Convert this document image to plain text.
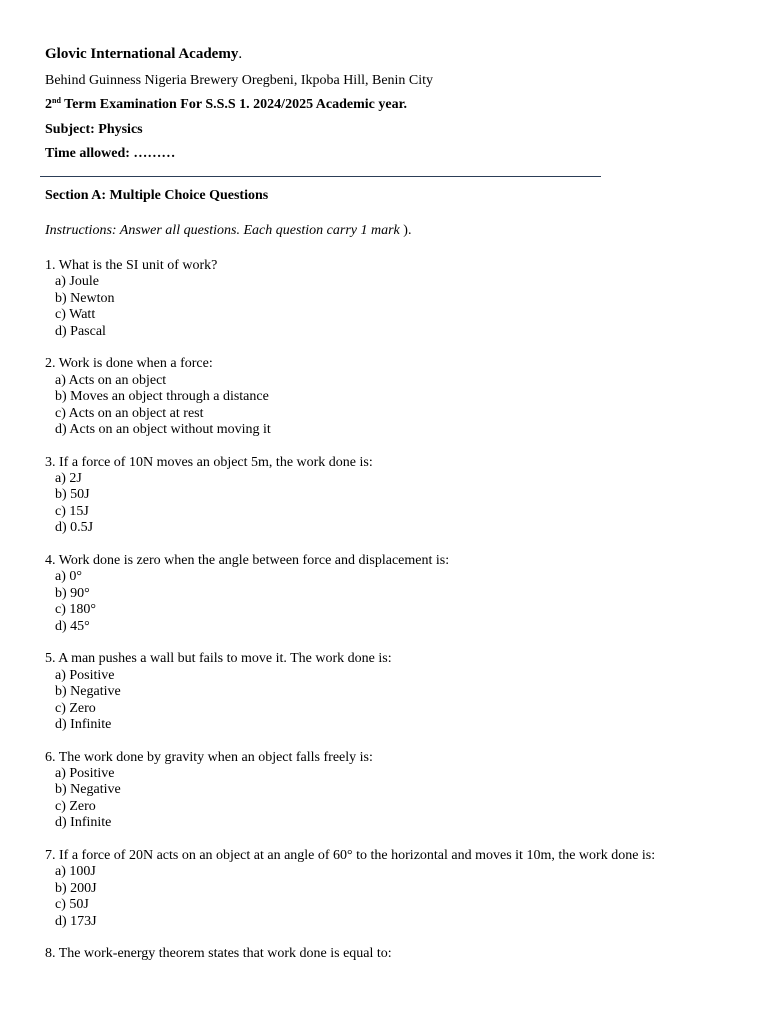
Glovic International Academy.
Behind Guinness Nigeria Brewery Oregbeni, Ikpoba Hill, Benin City
2nd Term Examination For S.S.S 1. 2024/2025 Academic year.
Subject: Physics
Time allowed: ………
Section A: Multiple Choice Questions
Instructions: Answer all questions. Each question carry 1 mark ).
1. What is the SI unit of work?
a) Joule
b) Newton
c) Watt
d) Pascal
2. Work is done when a force:
a) Acts on an object
b) Moves an object through a distance
c) Acts on an object at rest
d) Acts on an object without moving it
3. If a force of 10N moves an object 5m, the work done is:
a) 2J
b) 50J
c) 15J
d) 0.5J
4. Work done is zero when the angle between force and displacement is:
a) 0°
b) 90°
c) 180°
d) 45°
5. A man pushes a wall but fails to move it. The work done is:
a) Positive
b) Negative
c) Zero
d) Infinite
6. The work done by gravity when an object falls freely is:
a) Positive
b) Negative
c) Zero
d) Infinite
7. If a force of 20N acts on an object at an angle of 60° to the horizontal and moves it 10m, the work done is:
a) 100J
b) 200J
c) 50J
d) 173J
8. The work-energy theorem states that work done is equal to:
